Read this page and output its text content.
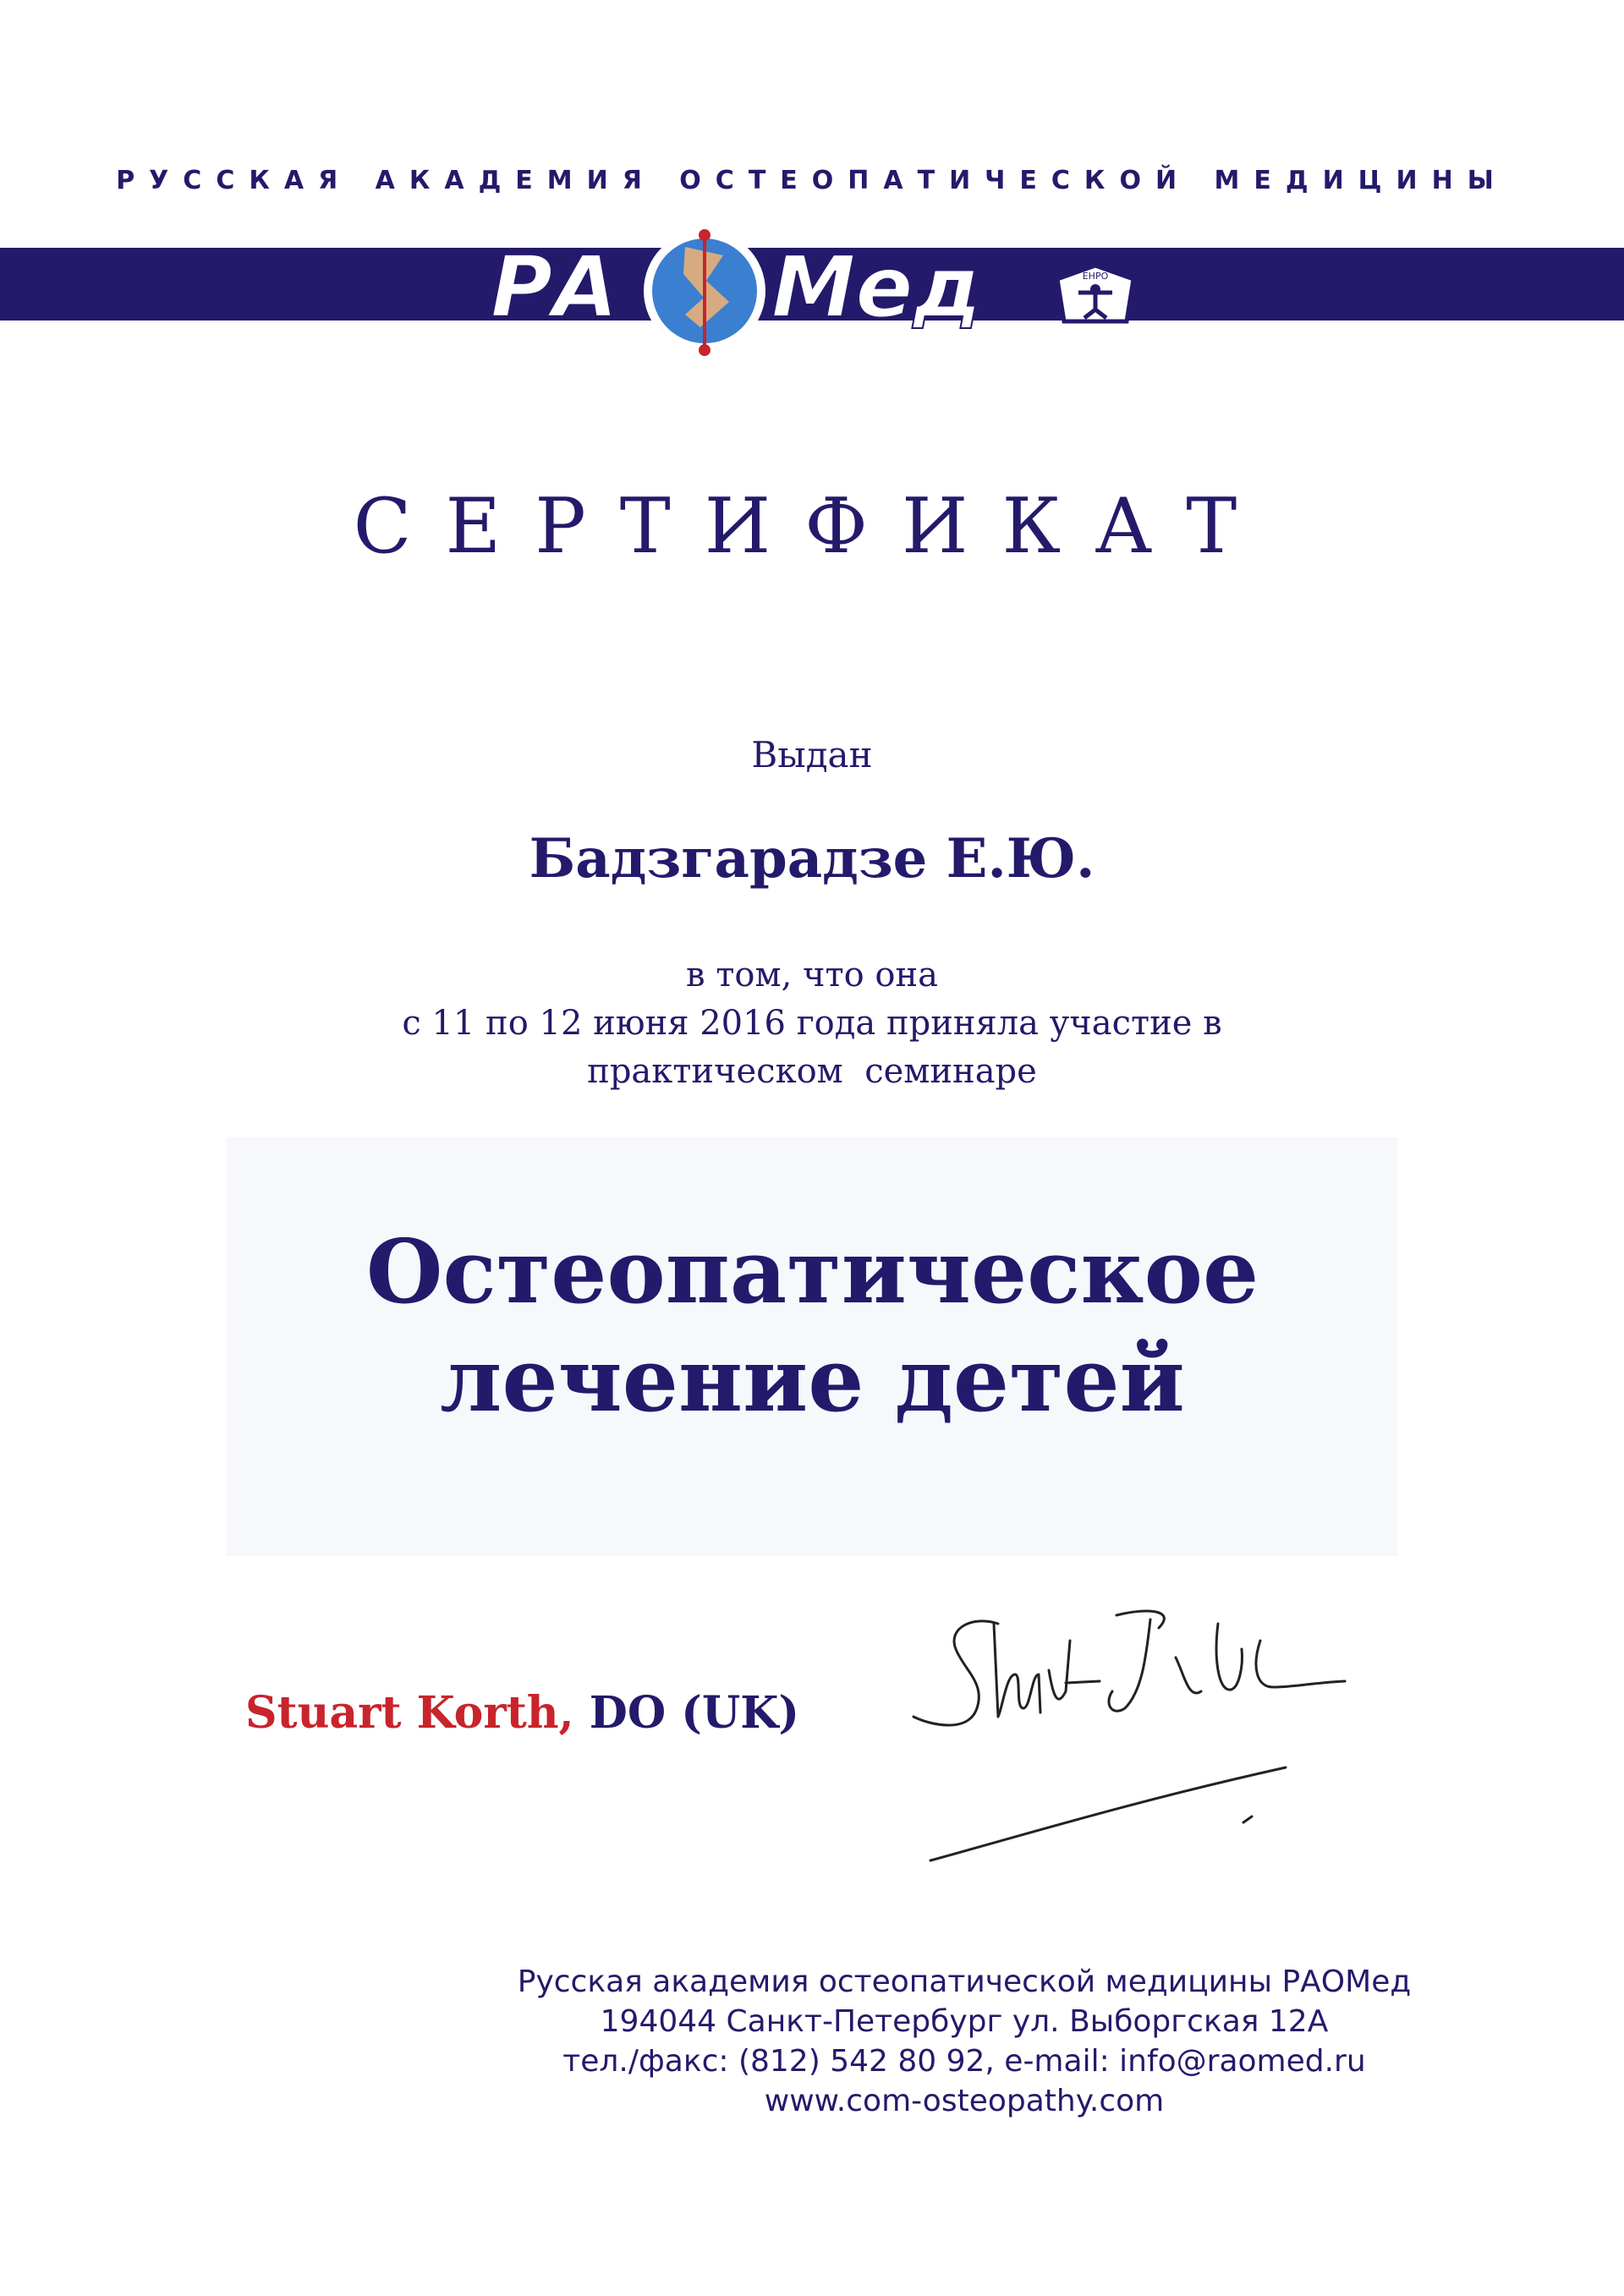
РУССКАЯ АКАДЕМИЯ ОСТЕОПАТИЧЕСКОЙ МЕДИЦИНЫ
РА Мед	EHPO
СЕРТИФИКАТ
Выдан
Бадзгарадзе Е.Ю.
в том, что она
с 11 по 12 июня 2016 года приняла участие в
практическом  семинаре
Остеопатическое
лечение детей
Stuart Korth, DO (UK)
Русская академия остеопатической медицины РАОМед
194044 Санкт-Петербург ул. Выборгская 12А
тел./факс: (812) 542 80 92, e-mail: info@raomed.ru
www.com-osteopathy.com
